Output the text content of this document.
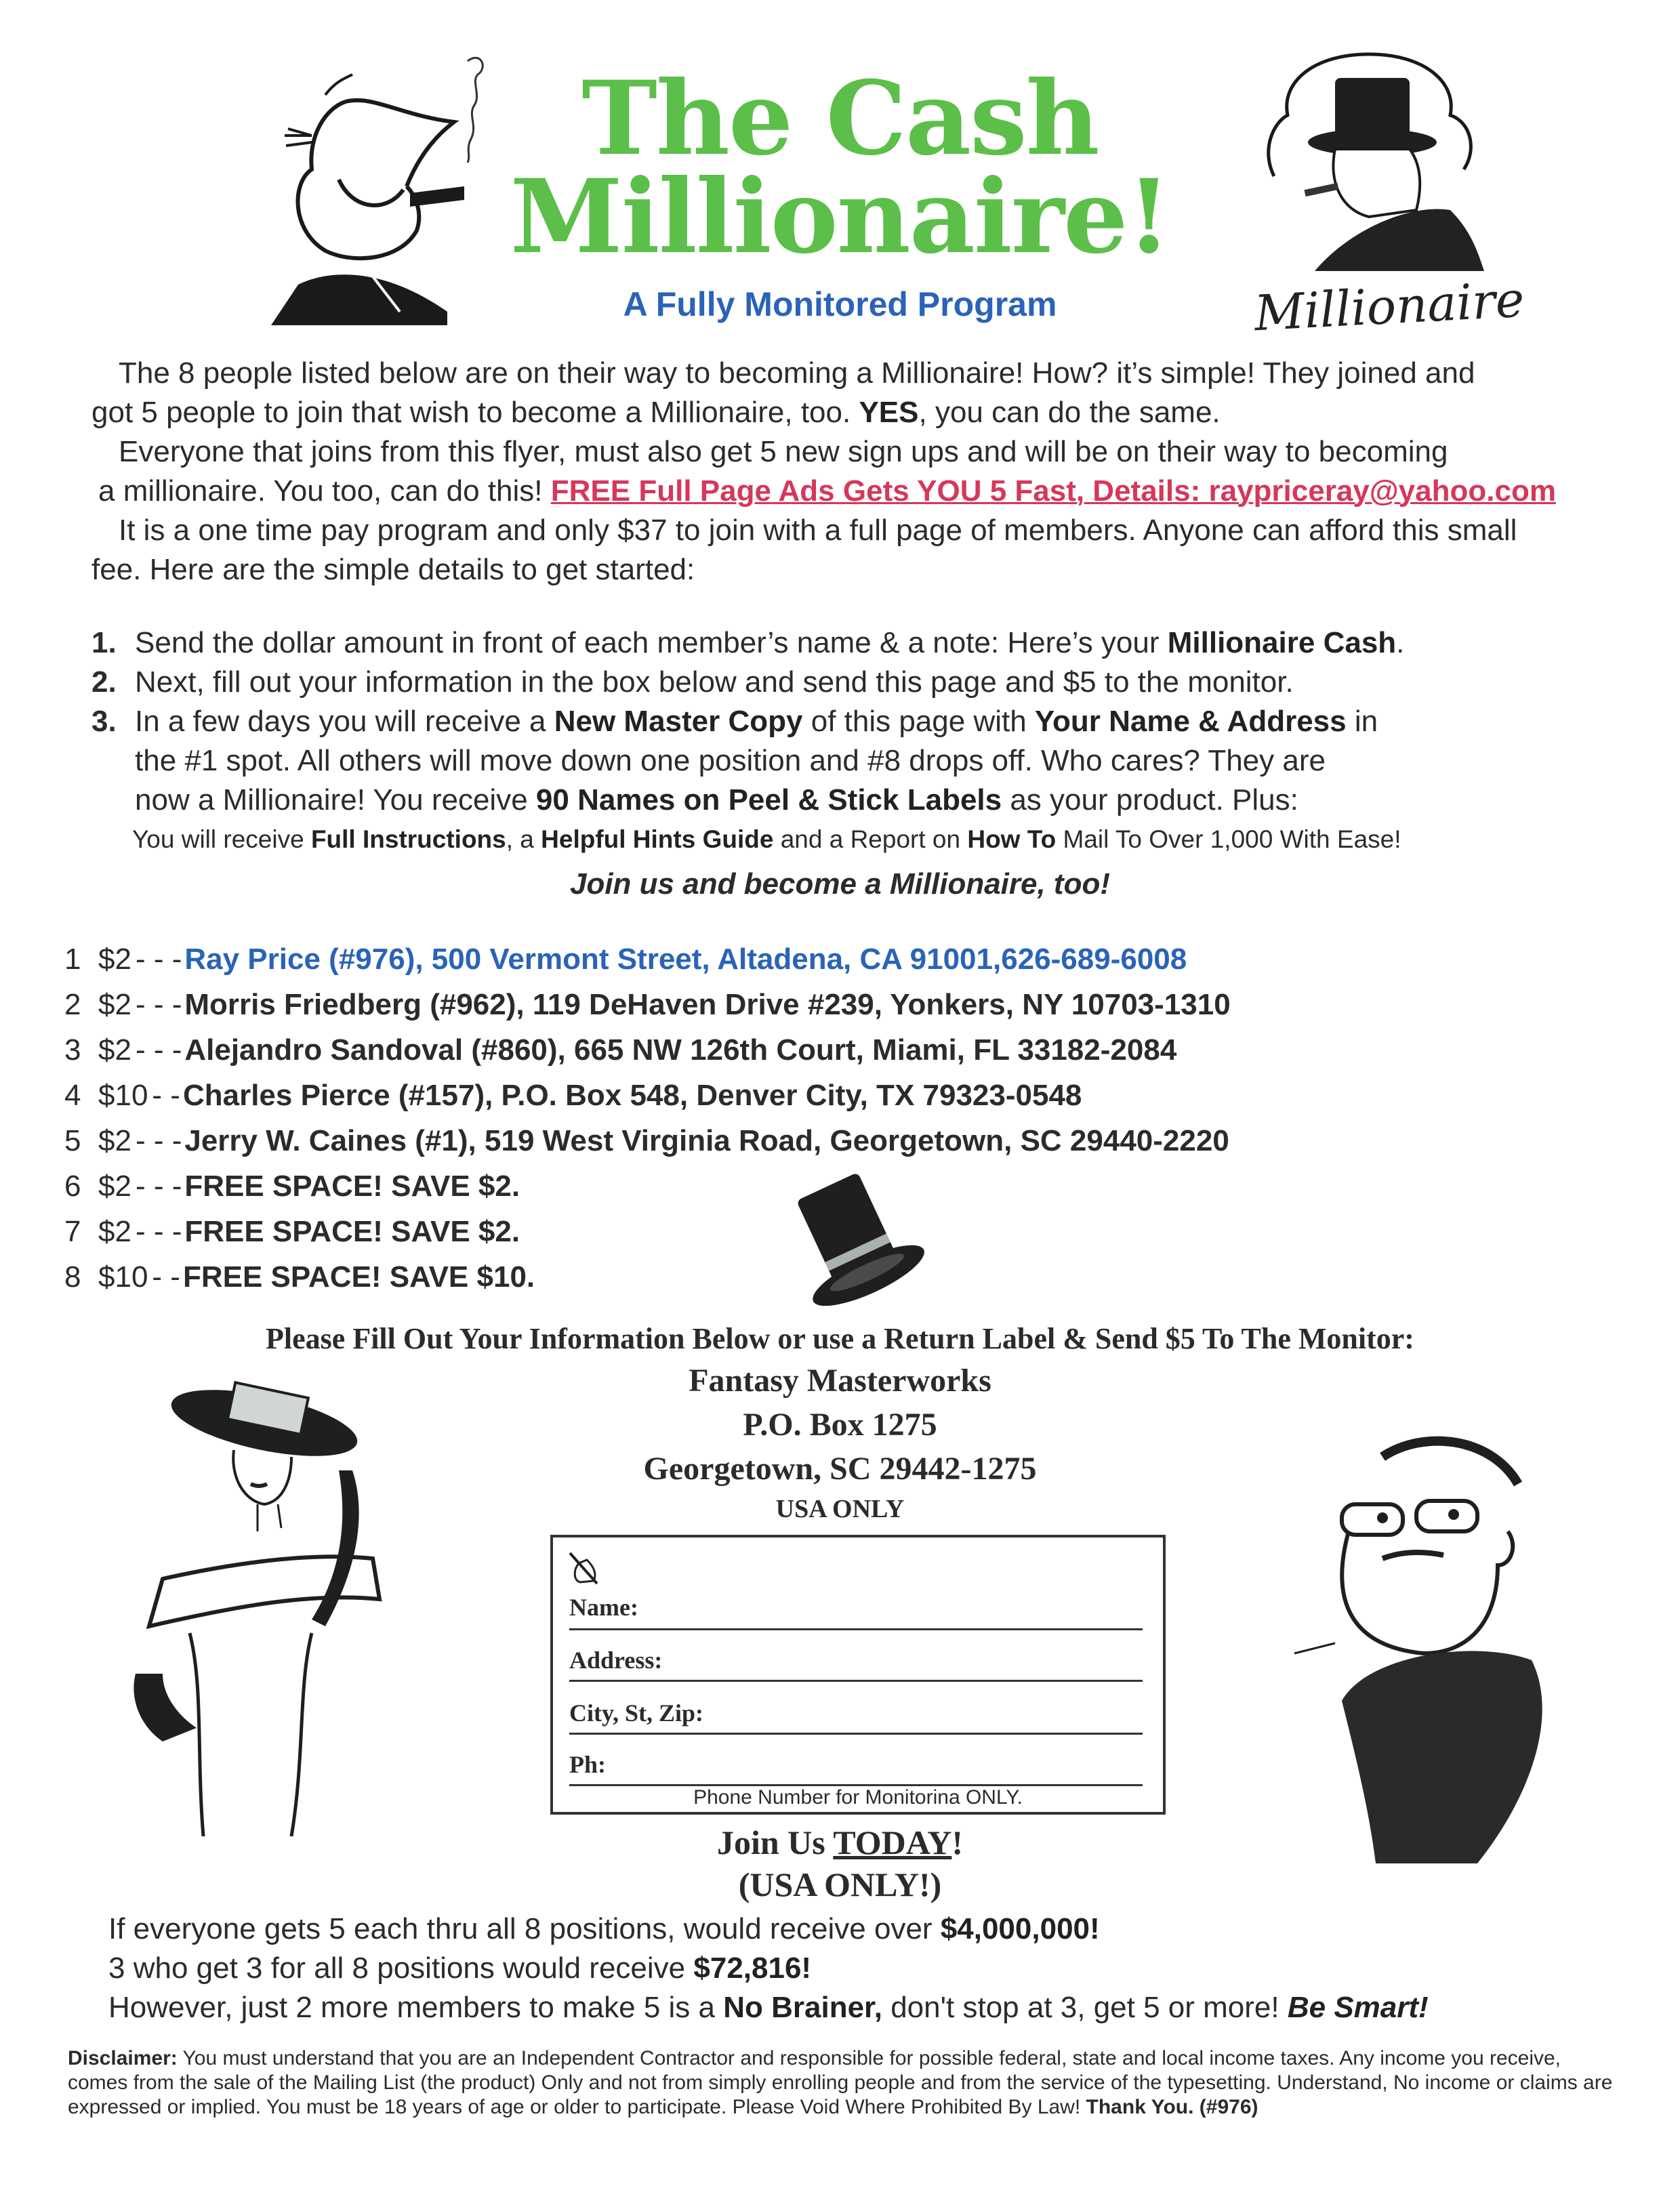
Millionaire
The Cash
Millionaire!
A Fully Monitored Program
The 8 people listed below are on their way to becoming a Millionaire! How? it’s simple! They joined and
got 5 people to join that wish to become a Millionaire, too. YES, you can do the same.
Everyone that joins from this flyer, must also get 5 new sign ups and will be on their way to becoming
a millionaire. You too, can do this! FREE Full Page Ads Gets YOU 5 Fast, Details: raypriceray@yahoo.com
It is a one time pay program and only $37 to join with a full page of members. Anyone can afford this small
fee. Here are the simple details to get started:
1. Send the dollar amount in front of each member’s name & a note: Here’s your Millionaire Cash.
2. Next, fill out your information in the box below and send this page and $5 to the monitor.
3. In a few days you will receive a New Master Copy of this page with Your Name & Address in
the #1 spot. All others will move down one position and #8 drops off. Who cares? They are
now a Millionaire! You receive 90 Names on Peel & Stick Labels as your product. Plus:
You will receive Full Instructions, a Helpful Hints Guide and a Report on How To Mail To Over 1,000 With Ease!
Join us and become a Millionaire, too!
1 $2 - - -Ray Price (#976), 500 Vermont Street, Altadena, CA 91001,626-689-6008
2 $2 - - -Morris Friedberg (#962), 119 DeHaven Drive #239, Yonkers, NY 10703-1310
3 $2 - - -Alejandro Sandoval (#860), 665 NW 126th Court, Miami, FL 33182-2084
4 $10 - -Charles Pierce (#157), P.O. Box 548, Denver City, TX 79323-0548
5 $2 - - -Jerry W. Caines (#1), 519 West Virginia Road, Georgetown, SC 29440-2220
6 $2 - - -FREE SPACE! SAVE $2.
7 $2 - - -FREE SPACE! SAVE $2.
8 $10 - -FREE SPACE! SAVE $10.
Please Fill Out Your Information Below or use a Return Label & Send $5 To The Monitor:
Fantasy Masterworks
P.O. Box 1275
Georgetown, SC 29442-1275
USA ONLY
Name:
Address:
City, St, Zip:
Ph:
Phone Number for Monitorina ONLY.
Join Us TODAY!
(USA ONLY!)
If everyone gets 5 each thru all 8 positions, would receive over $4,000,000!
3 who get 3 for all 8 positions would receive $72,816!
However, just 2 more members to make 5 is a No Brainer, don't stop at 3, get 5 or more! Be Smart!
Disclaimer: You must understand that you are an Independent Contractor and responsible for possible federal, state and local income taxes. Any income you receive, comes from the sale of the Mailing List (the product) Only and not from simply enrolling people and from the service of the typesetting. Understand, No income or claims are expressed or implied. You must be 18 years of age or older to participate. Please Void Where Prohibited By Law! Thank You. (#976)
